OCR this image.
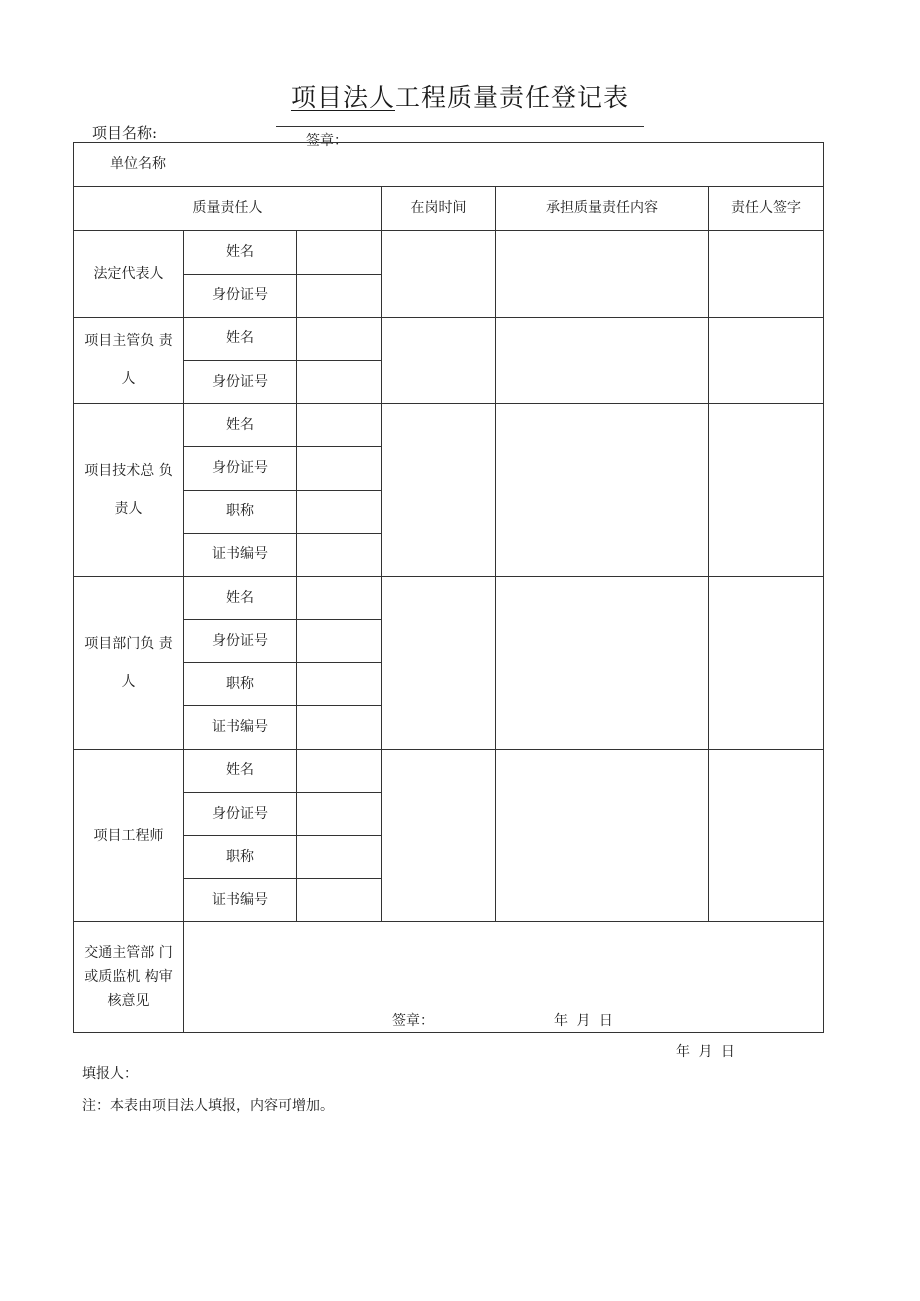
项目法人工程质量责任登记表
项目名称:	签章：
单位名称					
质量责任人			在岗时间	承担质量责任内容	责任人签字
法定代表人	姓名				
	身份证号				
项目主管负 责人	姓名				
	身份证号				
项目技术总 负责人	姓名				
	身份证号				
	职称				
	证书编号				
项目部门负 责人	姓名				
	身份证号				
	职称				
	证书编号				
项目工程师	姓名				
	身份证号				
	职称				
	证书编号				
交通主管部 门或质监机 构审核意见	签章： 年 月 日				
年 月 日
填报人：
注：本表由项目法人填报，内容可增加。
